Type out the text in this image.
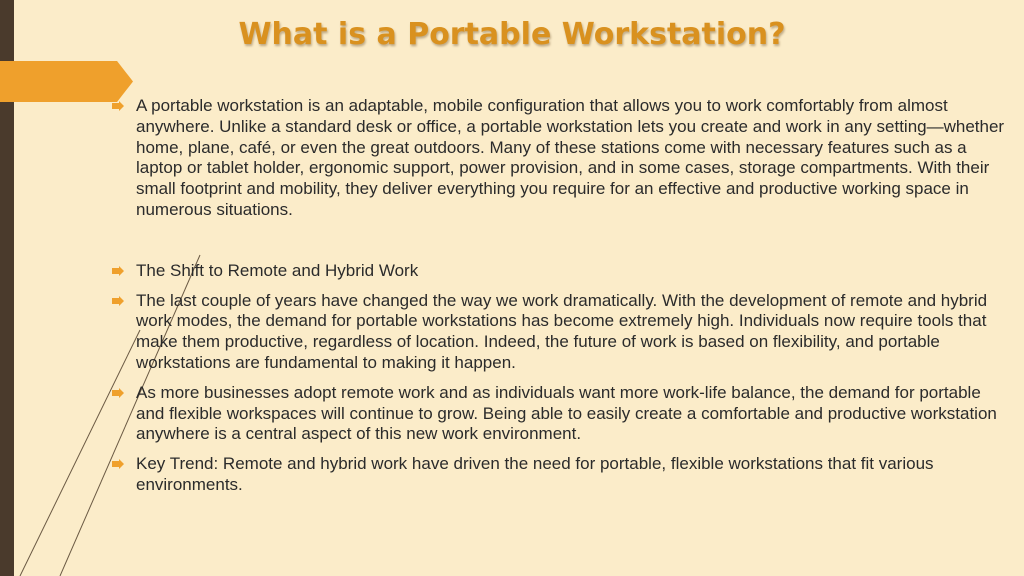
What is a Portable Workstation?
A portable workstation is an adaptable, mobile configuration that allows you to work comfortably from almost anywhere. Unlike a standard desk or office, a portable workstation lets you create and work in any setting—whether home, plane, café, or even the great outdoors. Many of these stations come with necessary features such as a laptop or tablet holder, ergonomic support, power provision, and in some cases, storage compartments. With their small footprint and mobility, they deliver everything you require for an effective and productive working space in numerous situations.
The Shift to Remote and Hybrid Work
The last couple of years have changed the way we work dramatically. With the development of remote and hybrid work modes, the demand for portable workstations has become extremely high. Individuals now require tools that make them productive, regardless of location. Indeed, the future of work is based on flexibility, and portable workstations are fundamental to making it happen.
As more businesses adopt remote work and as individuals want more work-life balance, the demand for portable and flexible workspaces will continue to grow. Being able to easily create a comfortable and productive workstation anywhere is a central aspect of this new work environment.
Key Trend: Remote and hybrid work have driven the need for portable, flexible workstations that fit various environments.
